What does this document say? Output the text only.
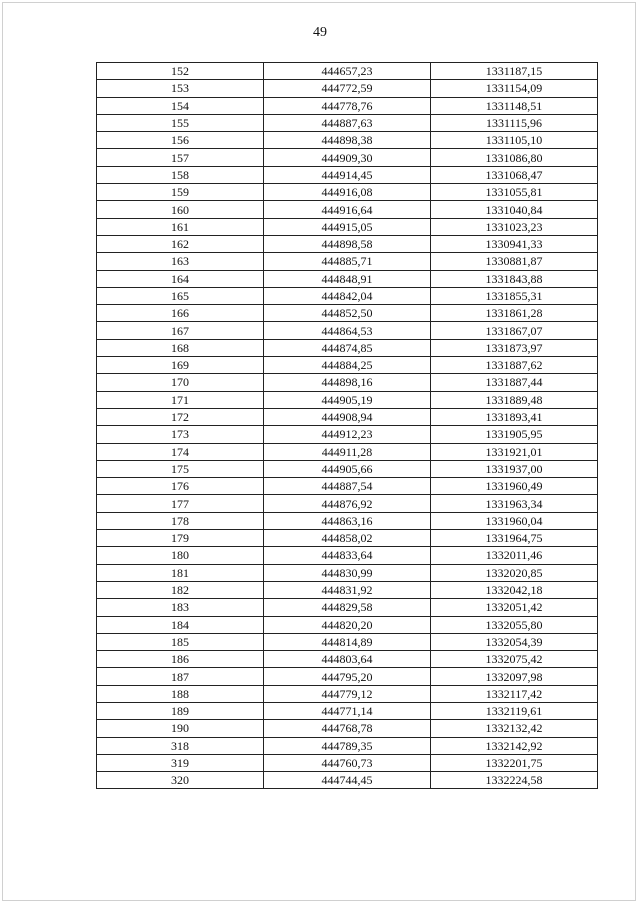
49
152	444657,23	1331187,15
153	444772,59	1331154,09
154	444778,76	1331148,51
155	444887,63	1331115,96
156	444898,38	1331105,10
157	444909,30	1331086,80
158	444914,45	1331068,47
159	444916,08	1331055,81
160	444916,64	1331040,84
161	444915,05	1331023,23
162	444898,58	1330941,33
163	444885,71	1330881,87
164	444848,91	1331843,88
165	444842,04	1331855,31
166	444852,50	1331861,28
167	444864,53	1331867,07
168	444874,85	1331873,97
169	444884,25	1331887,62
170	444898,16	1331887,44
171	444905,19	1331889,48
172	444908,94	1331893,41
173	444912,23	1331905,95
174	444911,28	1331921,01
175	444905,66	1331937,00
176	444887,54	1331960,49
177	444876,92	1331963,34
178	444863,16	1331960,04
179	444858,02	1331964,75
180	444833,64	1332011,46
181	444830,99	1332020,85
182	444831,92	1332042,18
183	444829,58	1332051,42
184	444820,20	1332055,80
185	444814,89	1332054,39
186	444803,64	1332075,42
187	444795,20	1332097,98
188	444779,12	1332117,42
189	444771,14	1332119,61
190	444768,78	1332132,42
318	444789,35	1332142,92
319	444760,73	1332201,75
320	444744,45	1332224,58
